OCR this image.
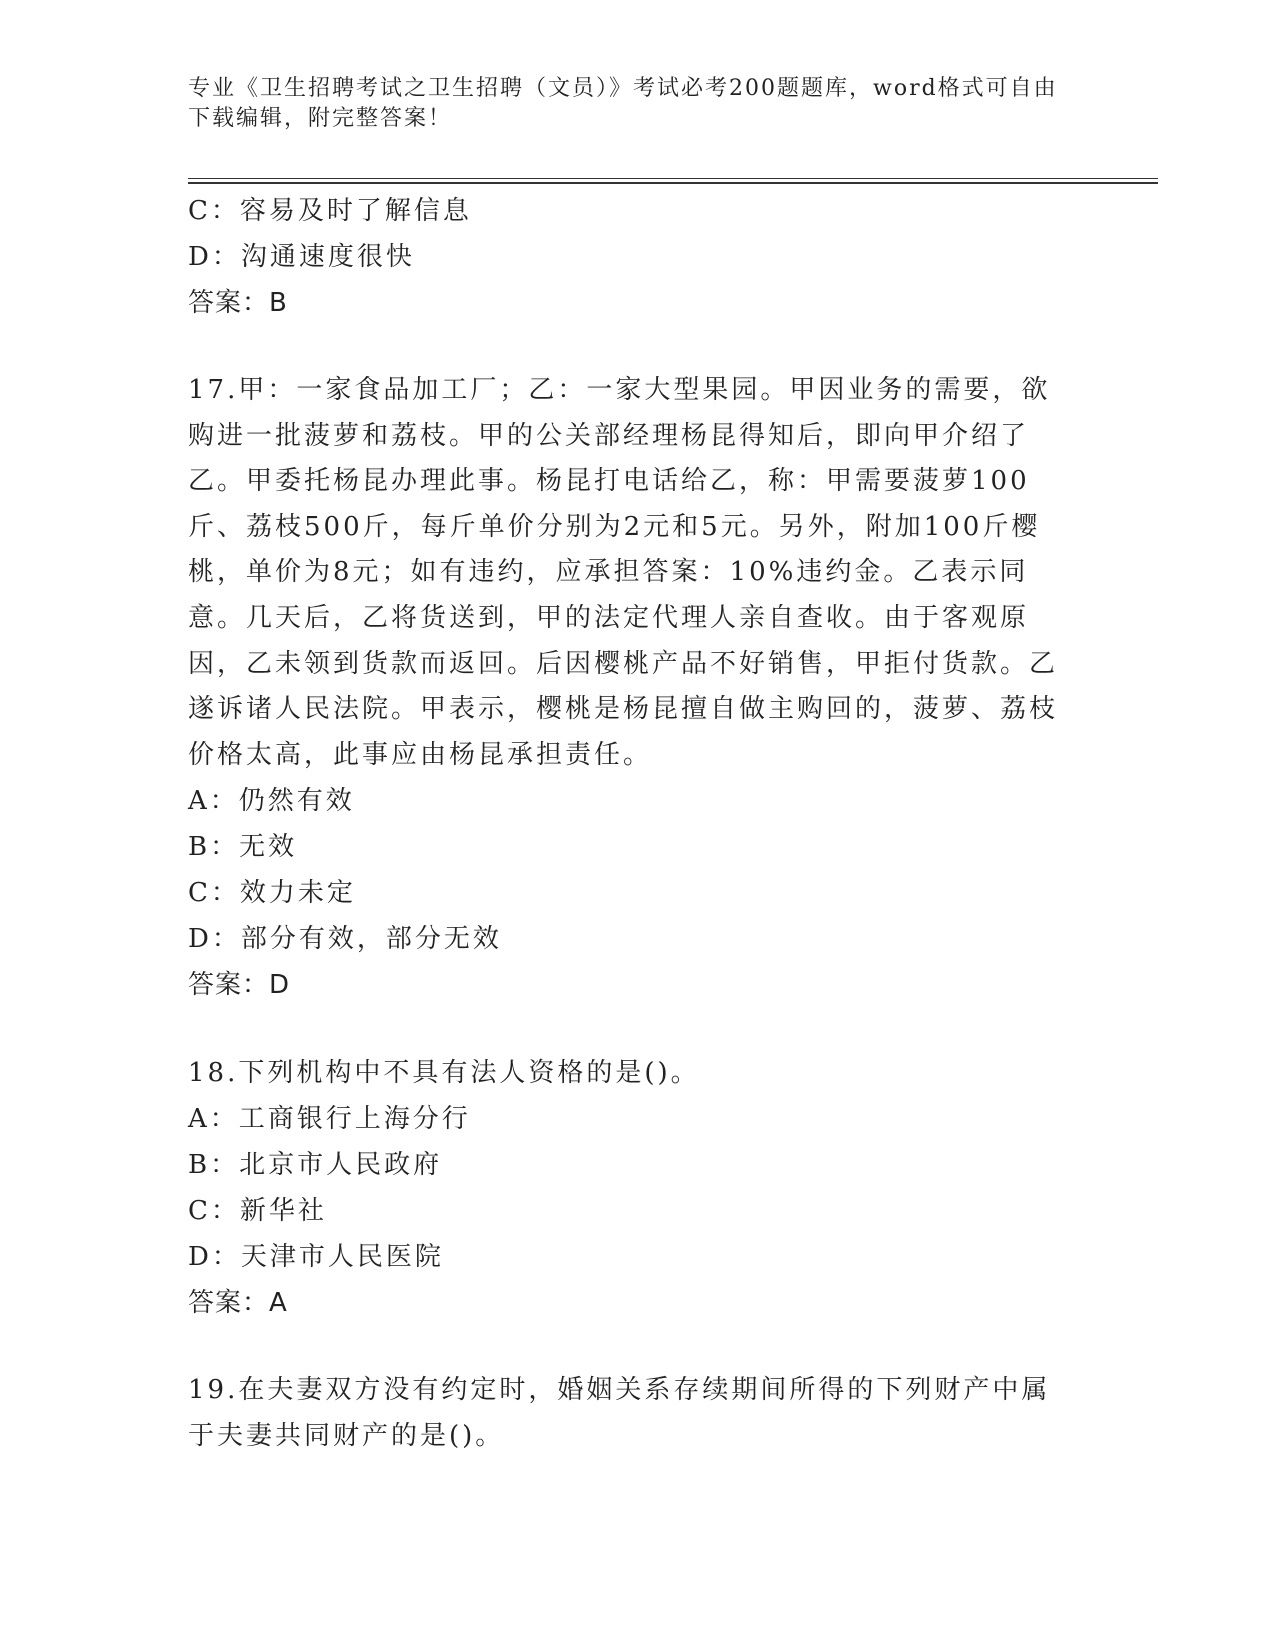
专业《卫生招聘考试之卫生招聘（文员）》考试必考200题题库，word格式可自由下载编辑，附完整答案！

C：容易及时了解信息

D：沟通速度很快

答案：B

17.甲：一家食品加工厂；乙：一家大型果园。甲因业务的需要，欲购进一批菠萝和荔枝。甲的公关部经理杨昆得知后，即向甲介绍了乙。甲委托杨昆办理此事。杨昆打电话给乙，称：甲需要菠萝100斤、荔枝500斤，每斤单价分别为2元和5元。另外，附加100斤樱桃，单价为8元；如有违约，应承担答案：10%违约金。乙表示同意。几天后，乙将货送到，甲的法定代理人亲自查收。由于客观原因，乙未领到货款而返回。后因樱桃产品不好销售，甲拒付货款。乙遂诉诸人民法院。甲表示，樱桃是杨昆擅自做主购回的，菠萝、荔枝价格太高，此事应由杨昆承担责任。

A：仍然有效

B：无效

C：效力未定

D：部分有效，部分无效

答案：D

18.下列机构中不具有法人资格的是()。

A：工商银行上海分行

B：北京市人民政府

C：新华社

D：天津市人民医院

答案：A

19.在夫妻双方没有约定时，婚姻关系存续期间所得的下列财产中属于夫妻共同财产的是()。
